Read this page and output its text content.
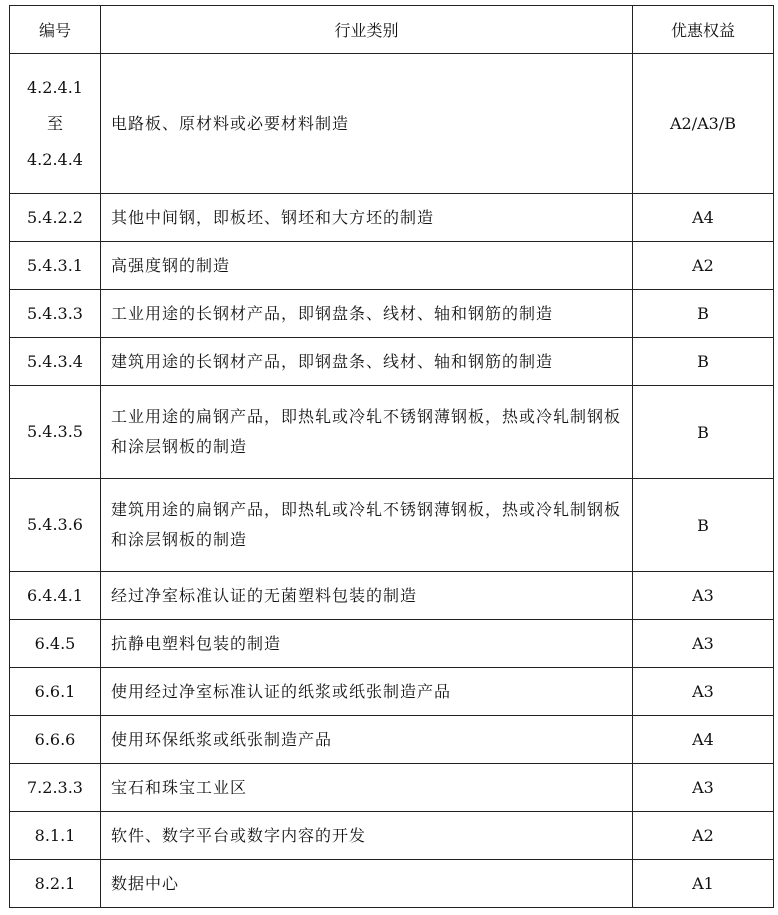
编号	行业类别	优惠权益

4.2.4.1
至
4.2.4.4	电路板、原材料或必要材料制造	A2/A3/B
5.4.2.2	其他中间钢，即板坯、钢坯和大方坯的制造	A4
5.4.3.1	高强度钢的制造	A2
5.4.3.3	工业用途的长钢材产品，即钢盘条、线材、轴和钢筋的制造	B
5.4.3.4	建筑用途的长钢材产品，即钢盘条、线材、轴和钢筋的制造	B
5.4.3.5	工业用途的扁钢产品，即热轧或冷轧不锈钢薄钢板，热或冷轧制钢板和涂层钢板的制造	B
5.4.3.6	建筑用途的扁钢产品，即热轧或冷轧不锈钢薄钢板，热或冷轧制钢板和涂层钢板的制造	B
6.4.4.1	经过净室标准认证的无菌塑料包装的制造	A3
6.4.5	抗静电塑料包装的制造	A3
6.6.1	使用经过净室标准认证的纸浆或纸张制造产品	A3
6.6.6	使用环保纸浆或纸张制造产品	A4
7.2.3.3	宝石和珠宝工业区	A3
8.1.1	软件、数字平台或数字内容的开发	A2
8.2.1	数据中心	A1
